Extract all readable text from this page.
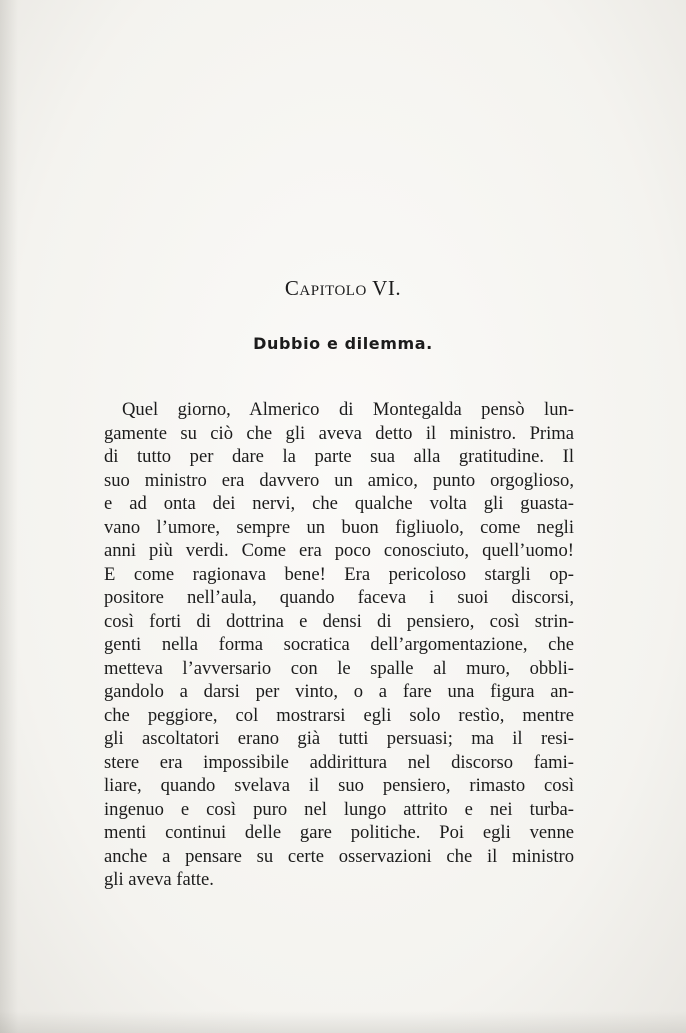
Capitolo VI.
Dubbio e dilemma.
Quel giorno, Almerico di Montegalda pensò lun-
gamente su ciò che gli aveva detto il ministro. Prima
di tutto per dare la parte sua alla gratitudine. Il
suo ministro era davvero un amico, punto orgoglioso,
e ad onta dei nervi, che qualche volta gli guasta-
vano l’umore, sempre un buon figliuolo, come negli
anni più verdi. Come era poco conosciuto, quell’uomo!
E come ragionava bene! Era pericoloso stargli op-
positore nell’aula, quando faceva i suoi discorsi,
così forti di dottrina e densi di pensiero, così strin-
genti nella forma socratica dell’argomentazione, che
metteva l’avversario con le spalle al muro, obbli-
gandolo a darsi per vinto, o a fare una figura an-
che peggiore, col mostrarsi egli solo restìo, mentre
gli ascoltatori erano già tutti persuasi; ma il resi-
stere era impossibile addirittura nel discorso fami-
liare, quando svelava il suo pensiero, rimasto così
ingenuo e così puro nel lungo attrito e nei turba-
menti continui delle gare politiche. Poi egli venne
anche a pensare su certe osservazioni che il ministro
gli aveva fatte.
